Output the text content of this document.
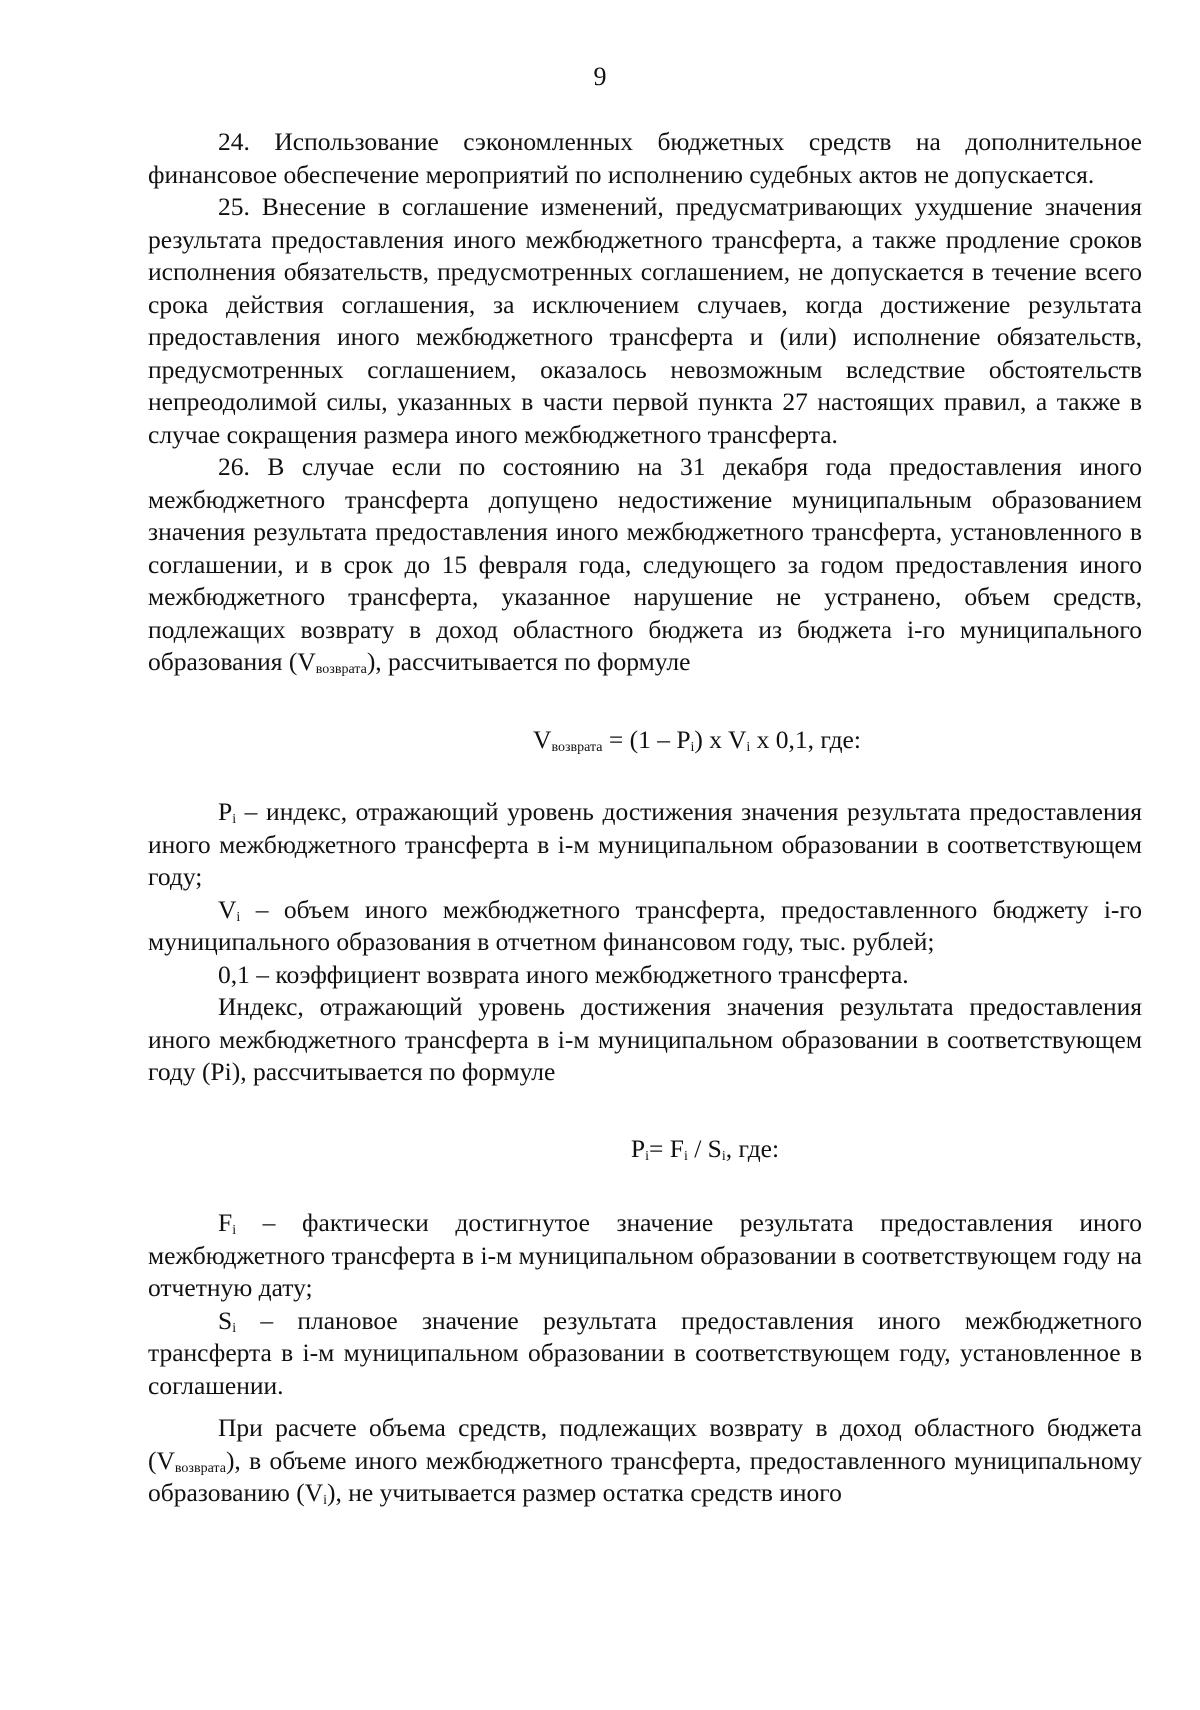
9

24. Использование сэкономленных бюджетных средств на дополнительное финансовое обеспечение мероприятий по исполнению судебных актов не допускается.

25. Внесение в соглашение изменений, предусматривающих ухудшение значения результата предоставления иного межбюджетного трансферта, а также продление сроков исполнения обязательств, предусмотренных соглашением, не допускается в течение всего срока действия соглашения, за исключением случаев, когда достижение результата предоставления иного межбюджетного трансферта и (или) исполнение обязательств, предусмотренных соглашением, оказалось невозможным вследствие обстоятельств непреодолимой силы, указанных в части первой пункта 27 настоящих правил, а также в случае сокращения размера иного межбюджетного трансферта.

26. В случае если по состоянию на 31 декабря года предоставления иного межбюджетного трансферта допущено недостижение муниципальным образованием значения результата предоставления иного межбюджетного трансферта, установленного в соглашении, и в срок до 15 февраля года, следующего за годом предоставления иного межбюджетного трансферта, указанное нарушение не устранено, объем средств, подлежащих возврату в доход областного бюджета из бюджета i-го муниципального образования $(V_{возврата})$, рассчитывается по формуле

$V_{возврата} = (1 - P_i)$ x $V_i$ x 0,1, где:

$P_i$ – индекс, отражающий уровень достижения значения результата предоставления иного межбюджетного трансферта в i-м муниципальном образовании в соответствующем году;

$V_i$ – объем иного межбюджетного трансферта, предоставленного бюджету i-го муниципального образования в отчетном финансовом году, тыс. рублей;

0,1 – коэффициент возврата иного межбюджетного трансферта.

Индекс, отражающий уровень достижения значения результата предоставления иного межбюджетного трансферта в i-м муниципальном образовании в соответствующем году (Pi), рассчитывается по формуле

$P_i= F_i / S_i$, где:

$F_i$ – фактически достигнутое значение результата предоставления иного межбюджетного трансферта в i-м муниципальном образовании в соответствующем году на отчетную дату;

$S_i$ – плановое значение результата предоставления иного межбюджетного трансферта в i-м муниципальном образовании в соответствующем году, установленное в соглашении.

При расчете объема средств, подлежащих возврату в доход областного бюджета $(V_{возврата})$, в объеме иного межбюджетного трансферта, предоставленного муниципальному образованию $(V_i)$, не учитывается размер остатка средств иного
